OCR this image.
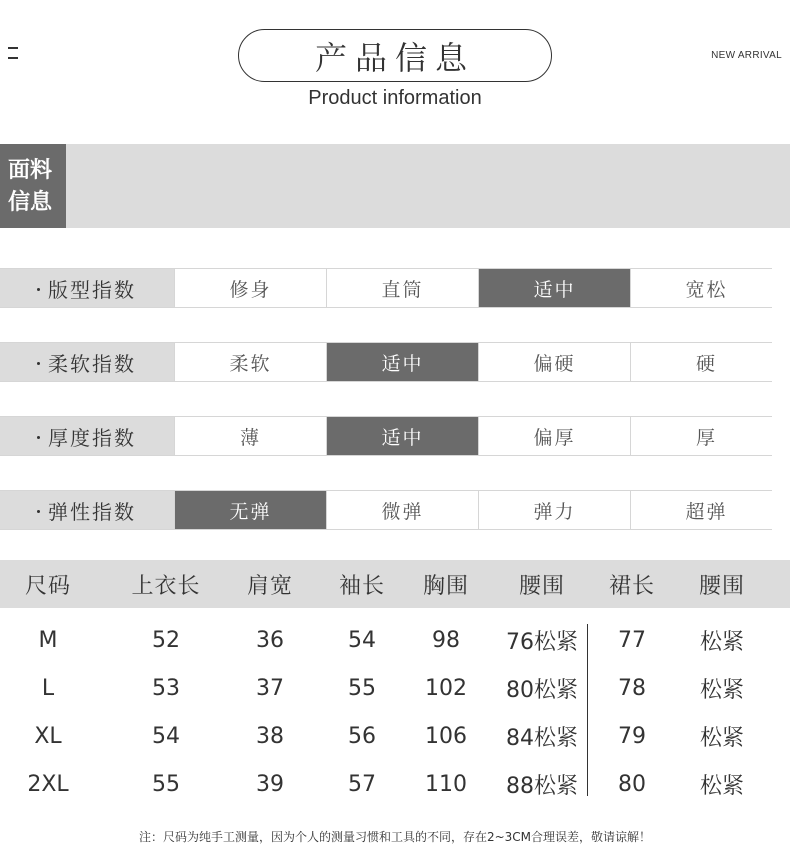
产品信息
Product information
NEW ARRIVAL
面料
信息
版型指数	修身	直筒	适中	宽松
柔软指数	柔软	适中	偏硬	硬
厚度指数	薄	适中	偏厚	厚
弹性指数	无弹	微弹	弹力	超弹
尺码	上衣长	肩宽	袖长	胸围	腰围	裙长	腰围
M	52	36	54	98	76松紧	77	松紧
L	53	37	55	102	80松紧	78	松紧
XL	54	38	56	106	84松紧	79	松紧
2XL	55	39	57	110	88松紧	80	松紧
注：尺码为纯手工测量，因为个人的测量习惯和工具的不同，存在2~3CM合理误差，敬请谅解！
